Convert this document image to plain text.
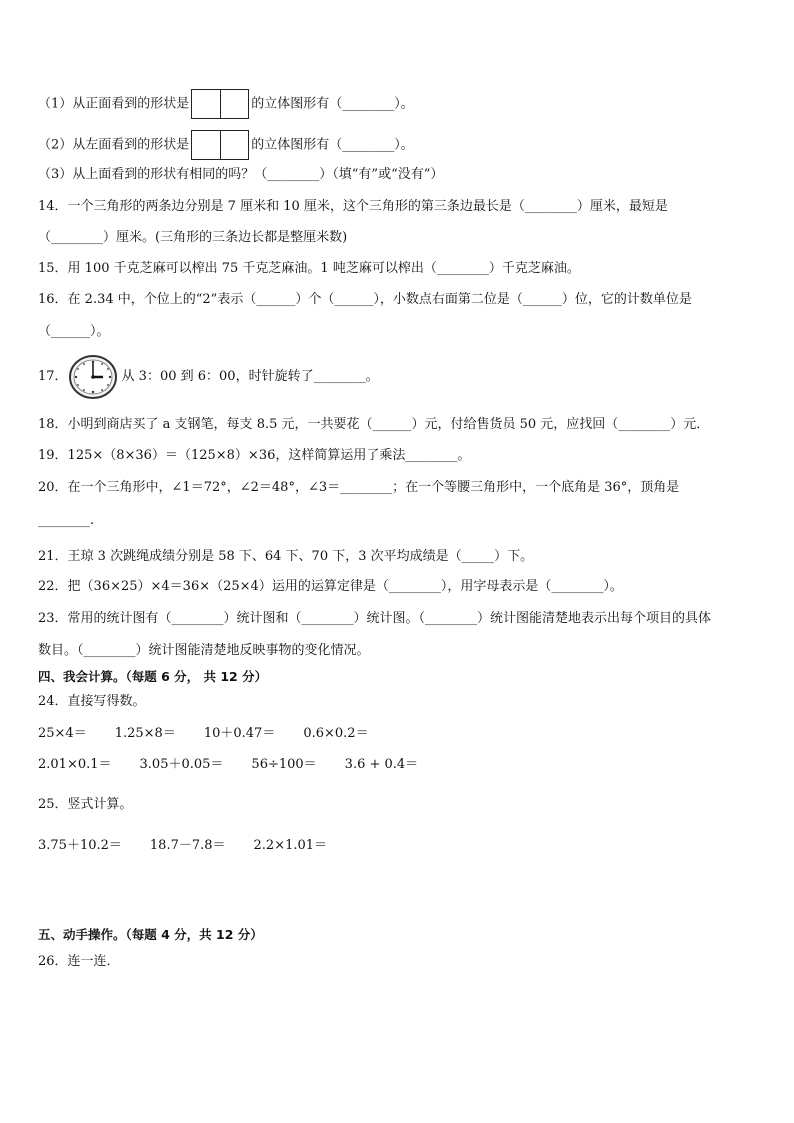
（1）从正面看到的形状是	的立体图形有（________）。
（2）从左面看到的形状是	的立体图形有（________）。
（3）从上面看到的形状有相同的吗？（________）（填“有”或“没有”）
14．一个三角形的两条边分别是 7 厘米和 10 厘米，这个三角形的第三条边最长是（________）厘米，最短是
（________）厘米。(三角形的三条边长都是整厘米数)
15．用 100 千克芝麻可以榨出 75 千克芝麻油。1 吨芝麻可以榨出（________）千克芝麻油。
16．在 2.34 中，个位上的“2”表示（______）个（______），小数点右面第二位是（______）位，它的计数单位是
（______）。
17．	从 3：00 到 6：00，时针旋转了________。
18．小明到商店买了 a 支钢笔，每支 8.5 元，一共要花（______）元，付给售货员 50 元，应找回（________）元．
19．125×（8×36）＝（125×8）×36，这样简算运用了乘法________。
20．在一个三角形中，∠1＝72°，∠2＝48°，∠3＝________；在一个等腰三角形中，一个底角是 36°，顶角是
________.
21．王琼 3 次跳绳成绩分别是 58 下、64 下、70 下，3 次平均成绩是（_____）下。
22．把（36×25）×4＝36×（25×4）运用的运算定律是（________），用字母表示是（________）。
23．常用的统计图有（________）统计图和（________）统计图。（________）统计图能清楚地表示出每个项目的具体
数目。（________）统计图能清楚地反映事物的变化情况。
四、我会计算。（每题 6 分， 共 12 分）
24．直接写得数。
25×4＝ 1.25×8＝ 10＋0.47＝ 0.6×0.2＝
2.01×0.1＝ 3.05＋0.05＝ 56÷100＝ 3.6 + 0.4＝
25．竖式计算。
3.75＋10.2＝ 18.7－7.8＝ 2.2×1.01＝
五、动手操作。（每题 4 分，共 12 分）
26．连一连．
